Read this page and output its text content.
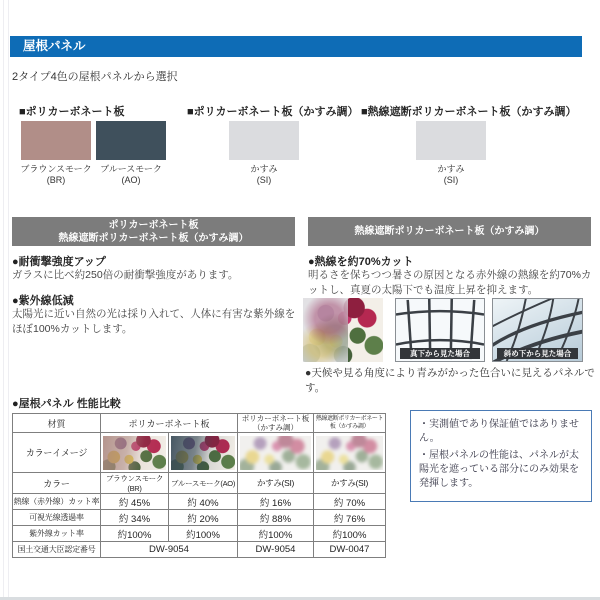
屋根パネル
2タイプ4色の屋根パネルから選択
■ポリカーボネート板	■ポリカーボネート板（かすみ調） ■熱線遮断ポリカーボネート板（かすみ調）
ブラウンスモーク
(BR)
ブルースモーク
(AO)
かすみ
(SI)
かすみ
(SI)
ポリカーボネート板
熱線遮断ポリカーボネート板（かすみ調）
熱線遮断ポリカーボネート板（かすみ調）
●耐衝撃強度アップ
ガラスに比べ約250倍の耐衝撃強度があります。
●紫外線低減
太陽光に近い自然の光は採り入れて、人体に有害な紫外線をほぼ100%カットします。
●熱線を約70%カット
明るさを保ちつつ暑さの原因となる赤外線の熱線を約70%カットし、真夏の太陽下でも温度上昇を抑えます。
真下から見た場合	斜め下から見た場合
●天候や見る角度により青みがかった色合いに見えるパネルです。
●屋根パネル 性能比較
材質	ポリカーボネート板		ポリカーボネート板（かすみ調）	熱線遮断ポリカーボネート板（かすみ調）
カラーイメージ	

カラー	ブラウンスモーク(BR)	ブルースモーク(AO)	かすみ(SI)	かすみ(SI)
熱線（赤外線）カット率	約 45%	約 40%	約 16%	約 70%
可視光線透過率	約 34%	約 20%	約 88%	約 76%
紫外線カット率	約100%	約100%	約100%	約100%
国土交通大臣認定番号	DW-9054		DW-9054	DW-0047
・実測値であり保証値ではありません。
・屋根パネルの性能は、パネルが太陽光を遮っている部分にのみ効果を発揮します。
